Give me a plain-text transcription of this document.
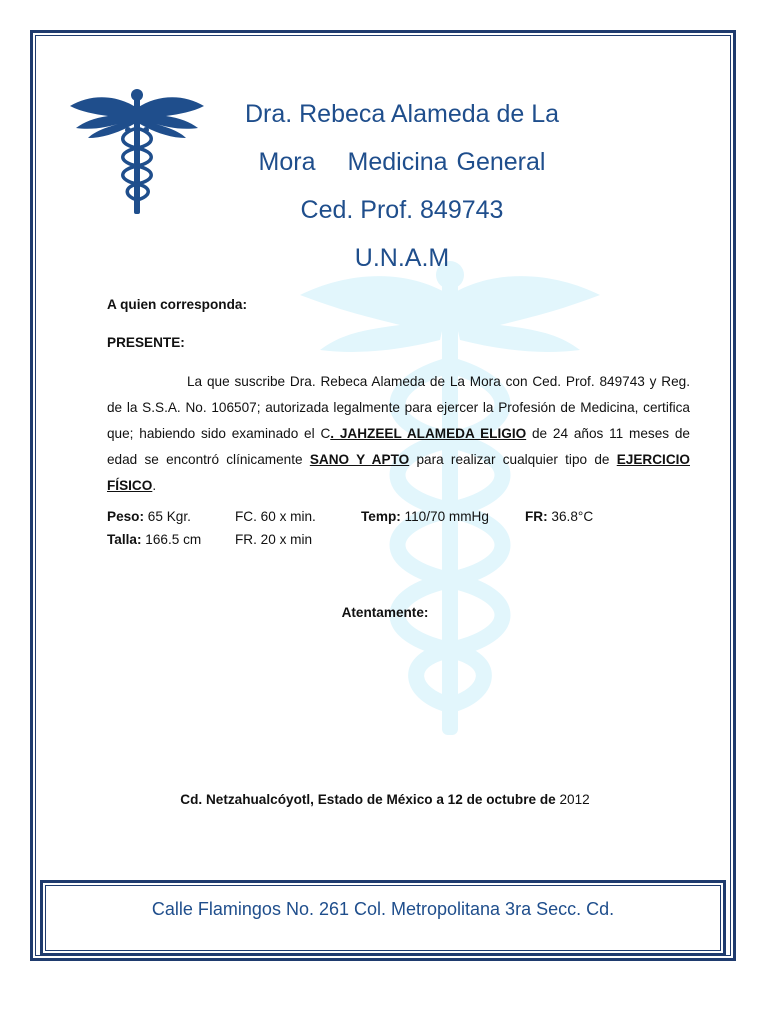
Dra. Rebeca Alameda de La
Mora Medicina General
Ced. Prof. 849743
U.N.A.M
A quien corresponda:
PRESENTE:
La que suscribe Dra. Rebeca Alameda de La Mora con Ced. Prof. 849743 y Reg. de la S.S.A. No. 106507; autorizada legalmente para ejercer la Profesión de Medicina, certifica que; habiendo sido examinado el C. JAHZEEL ALAMEDA ELIGIO de 24 años 11 meses de edad se encontró clínicamente SANO Y APTO para realizar cualquier tipo de EJERCICIO FÍSICO.
Peso: 65 Kgr.	FC. 60 x min.	Temp: 110/70 mmHg	FR: 36.8°C
Talla: 166.5 cm FR. 20 x min
Atentamente:
Cd. Netzahualcóyotl, Estado de México a 12 de octubre de 2012
Calle Flamingos No. 261 Col. Metropolitana 3ra Secc. Cd.
